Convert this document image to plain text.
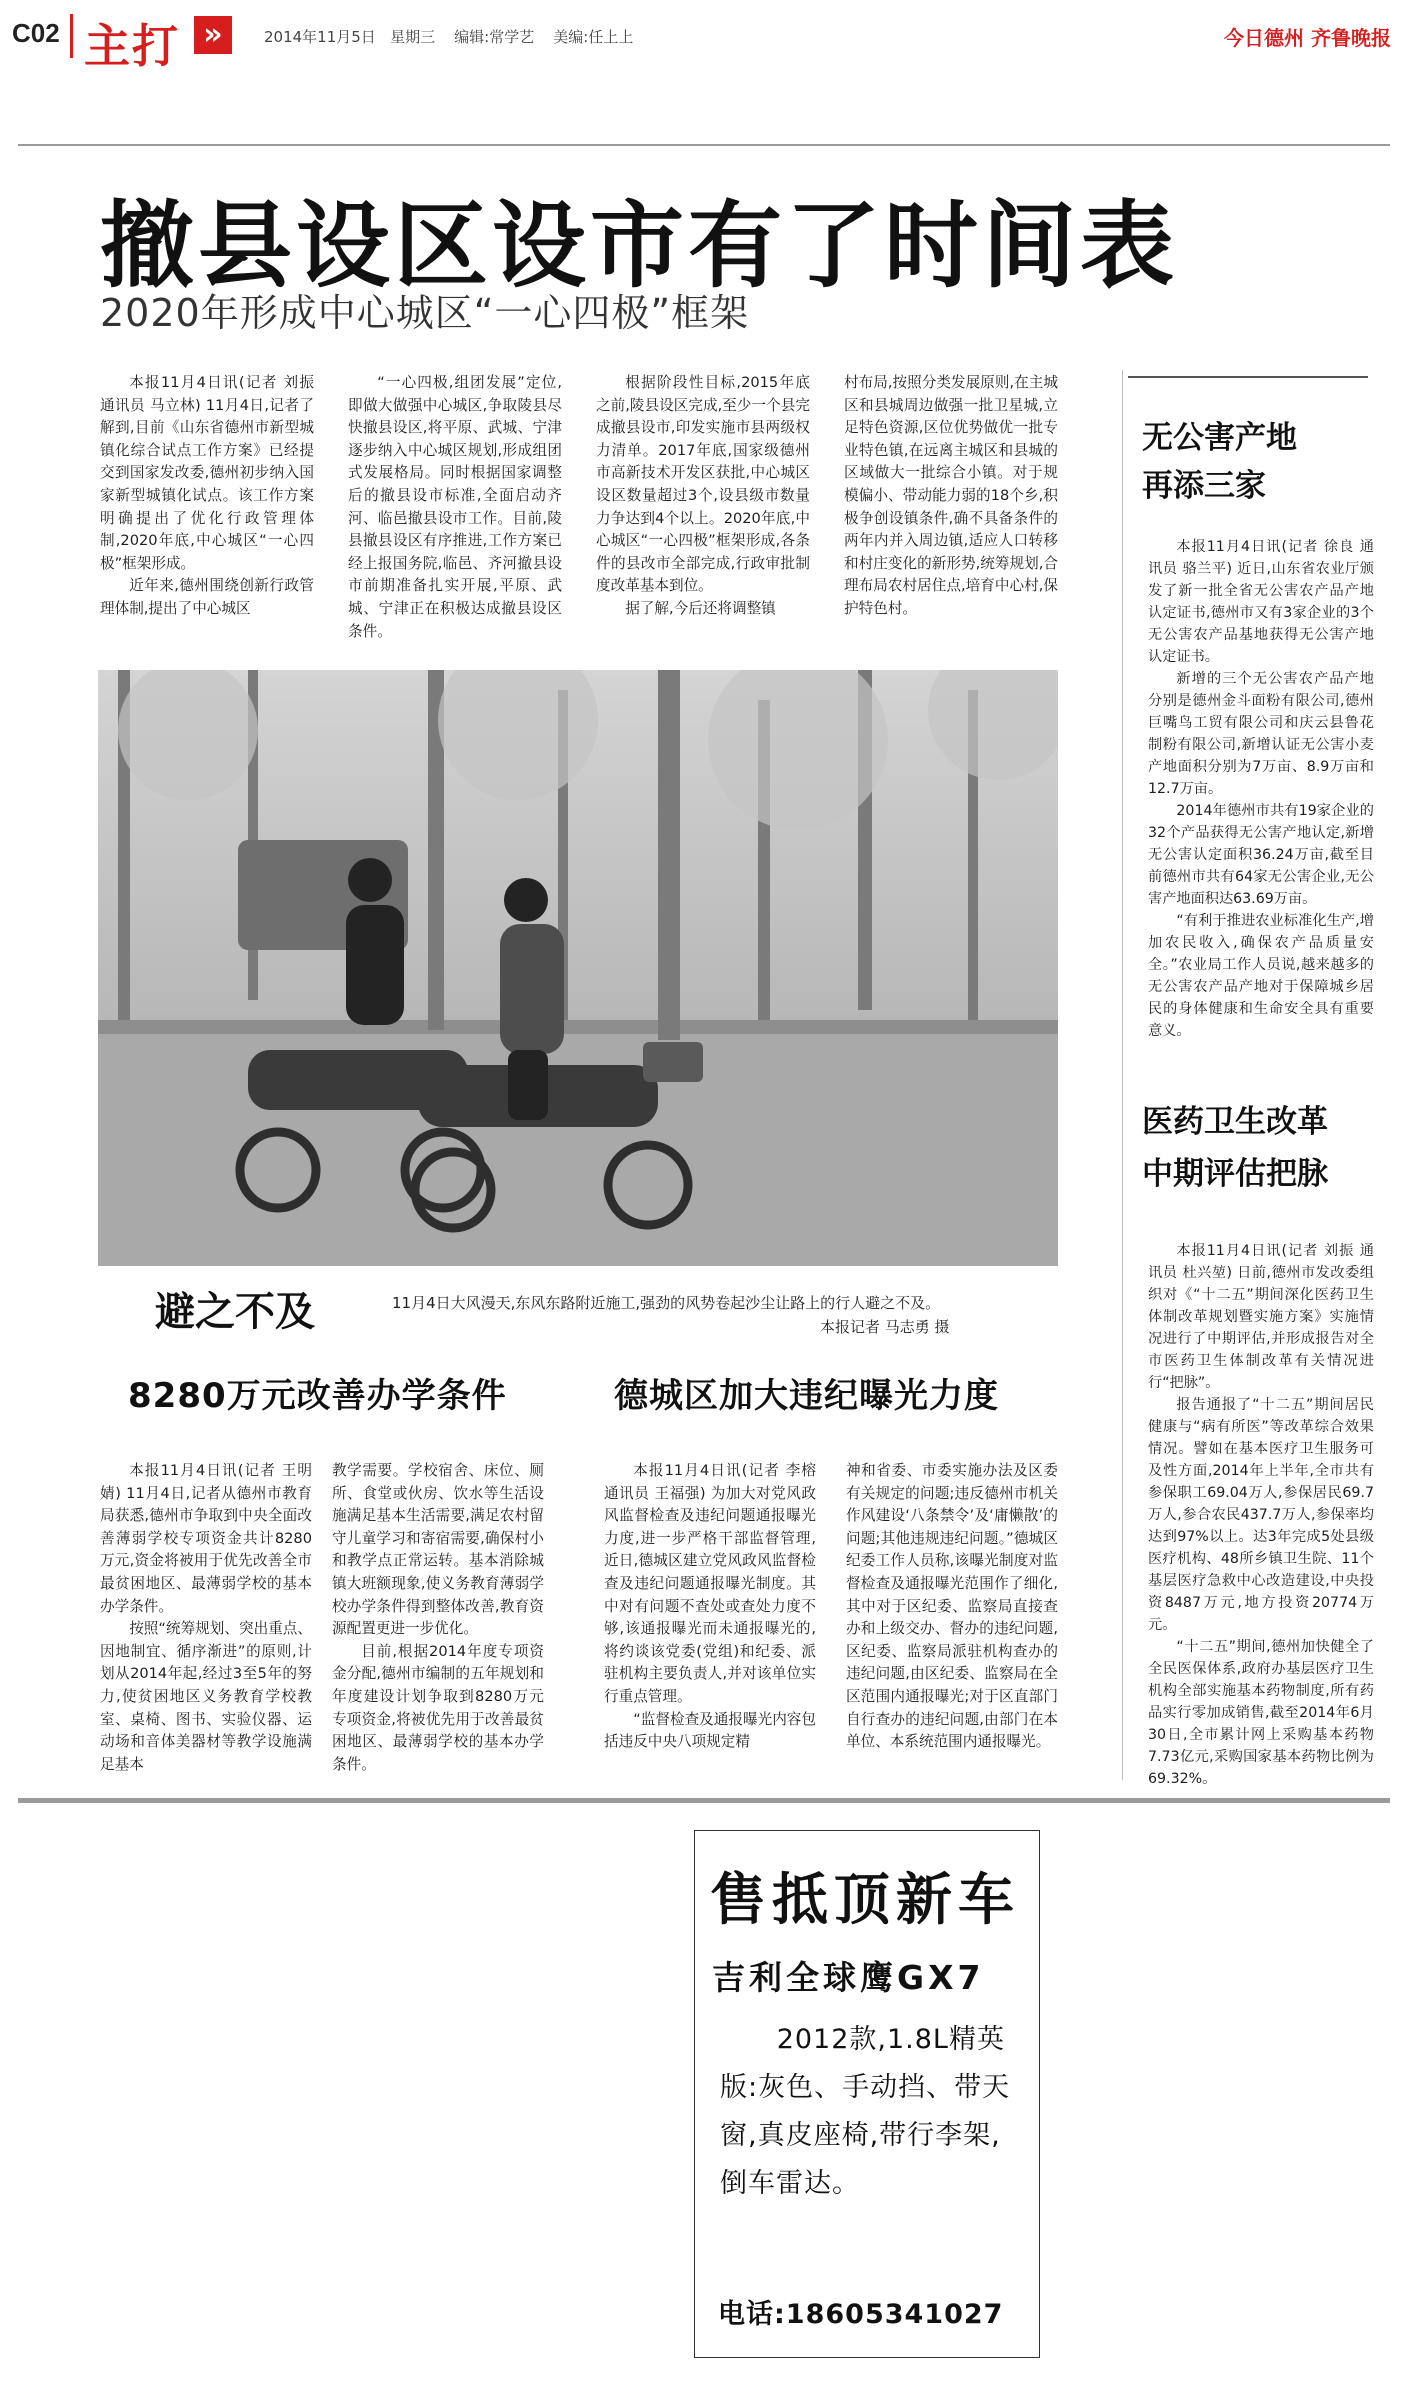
C02 主打 »	2014年11月5日   星期三    编辑:常学艺    美编:任上上	今日德州 齐鲁晚报
撤县设区设市有了时间表
2020年形成中心城区“一心四极”框架

本报11月4日讯(记者 刘振 通讯员 马立林) 11月4日,记者了解到,目前《山东省德州市新型城镇化综合试点工作方案》已经提交到国家发改委,德州初步纳入国家新型城镇化试点。该工作方案明确提出了优化行政管理体制,2020年底,中心城区“一心四极”框架形成。

近年来,德州围绕创新行政管理体制,提出了中心城区

“一心四极,组团发展”定位,即做大做强中心城区,争取陵县尽快撤县设区,将平原、武城、宁津逐步纳入中心城区规划,形成组团式发展格局。同时根据国家调整后的撤县设市标准,全面启动齐河、临邑撤县设市工作。目前,陵县撤县设区有序推进,工作方案已经上报国务院,临邑、齐河撤县设市前期准备扎实开展,平原、武城、宁津正在积极达成撤县设区条件。

根据阶段性目标,2015年底之前,陵县设区完成,至少一个县完成撤县设市,印发实施市县两级权力清单。2017年底,国家级德州市高新技术开发区获批,中心城区设区数量超过3个,设县级市数量力争达到4个以上。2020年底,中心城区“一心四极”框架形成,各条件的县改市全部完成,行政审批制度改革基本到位。

据了解,今后还将调整镇

村布局,按照分类发展原则,在主城区和县城周边做强一批卫星城,立足特色资源,区位优势做优一批专业特色镇,在远离主城区和县城的区域做大一批综合小镇。对于规模偏小、带动能力弱的18个乡,积极争创设镇条件,确不具备条件的两年内并入周边镇,适应人口转移和村庄变化的新形势,统筹规划,合理布局农村居住点,培育中心村,保护特色村。

避之不及	11月4日大风漫天,东风东路附近施工,强劲的风势卷起沙尘让路上的行人避之不及。
本报记者 马志勇 摄
8280万元改善办学条件

本报11月4日讯(记者 王明婧) 11月4日,记者从德州市教育局获悉,德州市争取到中央全面改善薄弱学校专项资金共计8280万元,资金将被用于优先改善全市最贫困地区、最薄弱学校的基本办学条件。

按照“统筹规划、突出重点、因地制宜、循序渐进”的原则,计划从2014年起,经过3至5年的努力,使贫困地区义务教育学校教室、桌椅、图书、实验仪器、运动场和音体美器材等教学设施满足基本

教学需要。学校宿舍、床位、厕所、食堂或伙房、饮水等生活设施满足基本生活需要,满足农村留守儿童学习和寄宿需要,确保村小和教学点正常运转。基本消除城镇大班额现象,使义务教育薄弱学校办学条件得到整体改善,教育资源配置更进一步优化。

目前,根据2014年度专项资金分配,德州市编制的五年规划和年度建设计划争取到8280万元专项资金,将被优先用于改善最贫困地区、最薄弱学校的基本办学条件。

德城区加大违纪曝光力度

本报11月4日讯(记者 李榕 通讯员 王福强) 为加大对党风政风监督检查及违纪问题通报曝光力度,进一步严格干部监督管理,近日,德城区建立党风政风监督检查及违纪问题通报曝光制度。其中对有问题不查处或查处力度不够,该通报曝光而未通报曝光的,将约谈该党委(党组)和纪委、派驻机构主要负责人,并对该单位实行重点管理。

“监督检查及通报曝光内容包括违反中央八项规定精

神和省委、市委实施办法及区委有关规定的问题;违反德州市机关作风建设‘八条禁令’及‘庸懒散’的问题;其他违规违纪问题。”德城区纪委工作人员称,该曝光制度对监督检查及通报曝光范围作了细化,其中对于区纪委、监察局直接查办和上级交办、督办的违纪问题,区纪委、监察局派驻机构查办的违纪问题,由区纪委、监察局在全区范围内通报曝光;对于区直部门自行查办的违纪问题,由部门在本单位、本系统范围内通报曝光。

无公害产地
再添三家

本报11月4日讯(记者 徐良 通讯员 骆兰平) 近日,山东省农业厅颁发了新一批全省无公害农产品产地认定证书,德州市又有3家企业的3个无公害农产品基地获得无公害产地认定证书。

新增的三个无公害农产品产地分别是德州金斗面粉有限公司,德州巨嘴鸟工贸有限公司和庆云县鲁花制粉有限公司,新增认证无公害小麦产地面积分别为7万亩、8.9万亩和12.7万亩。

2014年德州市共有19家企业的32个产品获得无公害产地认定,新增无公害认定面积36.24万亩,截至目前德州市共有64家无公害企业,无公害产地面积达63.69万亩。

“有利于推进农业标准化生产,增加农民收入,确保农产品质量安全。”农业局工作人员说,越来越多的无公害农产品产地对于保障城乡居民的身体健康和生命安全具有重要意义。

医药卫生改革
中期评估把脉

本报11月4日讯(记者 刘振 通讯员 杜兴堃) 日前,德州市发改委组织对《“十二五”期间深化医药卫生体制改革规划暨实施方案》实施情况进行了中期评估,并形成报告对全市医药卫生体制改革有关情况进行“把脉”。

报告通报了“十二五”期间居民健康与“病有所医”等改革综合效果情况。譬如在基本医疗卫生服务可及性方面,2014年上半年,全市共有参保职工69.04万人,参保居民69.7万人,参合农民437.7万人,参保率均达到97%以上。达3年完成5处县级医疗机构、48所乡镇卫生院、11个基层医疗急救中心改造建设,中央投资8487万元,地方投资20774万元。

“十二五”期间,德州加快健全了全民医保体系,政府办基层医疗卫生机构全部实施基本药物制度,所有药品实行零加成销售,截至2014年6月30日,全市累计网上采购基本药物7.73亿元,采购国家基本药物比例为69.32%。

售抵顶新车
吉利全球鹰GX7
2012款,1.8L精英版:灰色、手动挡、带天窗,真皮座椅,带行李架,倒车雷达。
电话:18605341027
